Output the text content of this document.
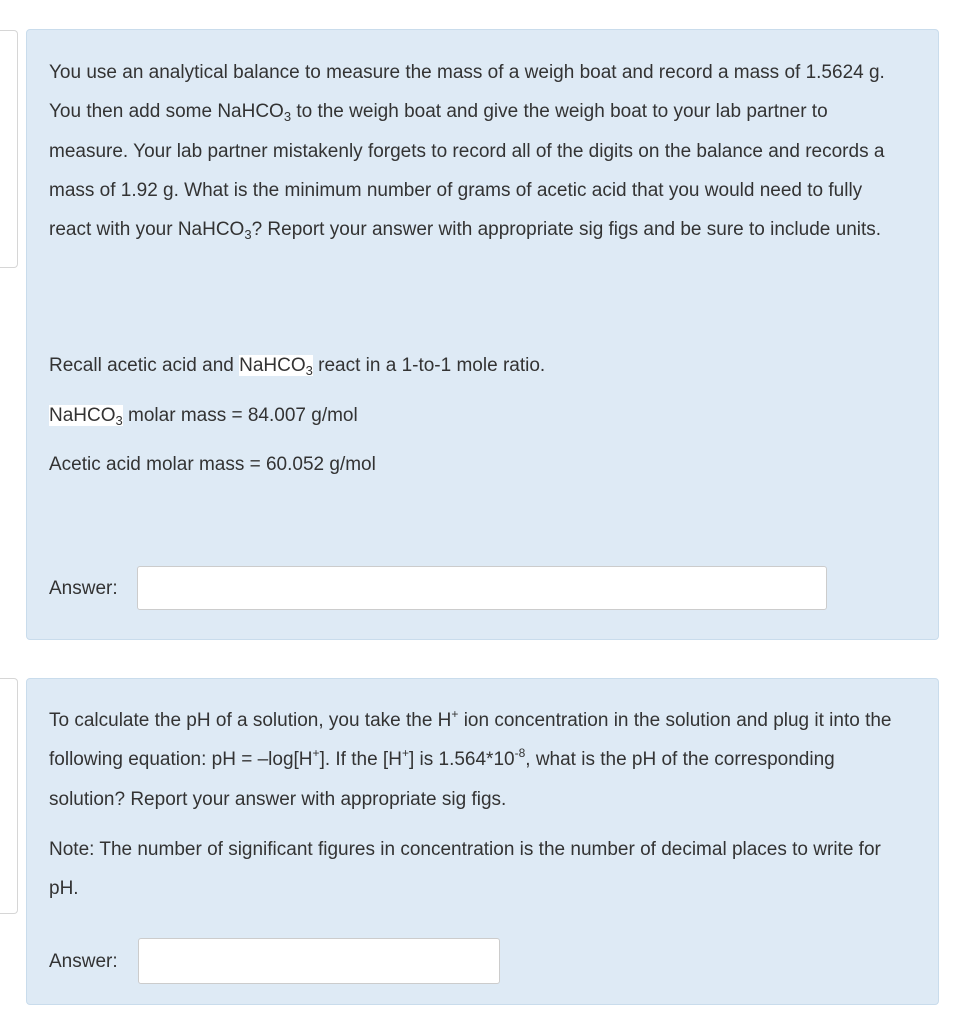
You use an analytical balance to measure the mass of a weigh boat and record a mass of 1.5624 g. You then add some NaHCO$_3$ to the weigh boat and give the weigh boat to your lab partner to measure. Your lab partner mistakenly forgets to record all of the digits on the balance and records a mass of 1.92 g. What is the minimum number of grams of acetic acid that you would need to fully react with your NaHCO$_3$? Report your answer with appropriate sig figs and be sure to include units.

Recall acetic acid and NaHCO$_3$ react in a 1-to-1 mole ratio.

NaHCO$_3$ molar mass = 84.007 g/mol

Acetic acid molar mass = 60.052 g/mol

Answer:

To calculate the pH of a solution, you take the H+ ion concentration in the solution and plug it into the following equation: pH = –log[H+]. If the [H+] is $1.564*10^{-8}$, what is the pH of the corresponding solution? Report your answer with appropriate sig figs.

Note: The number of significant figures in concentration is the number of decimal places to write for pH.

Answer:
